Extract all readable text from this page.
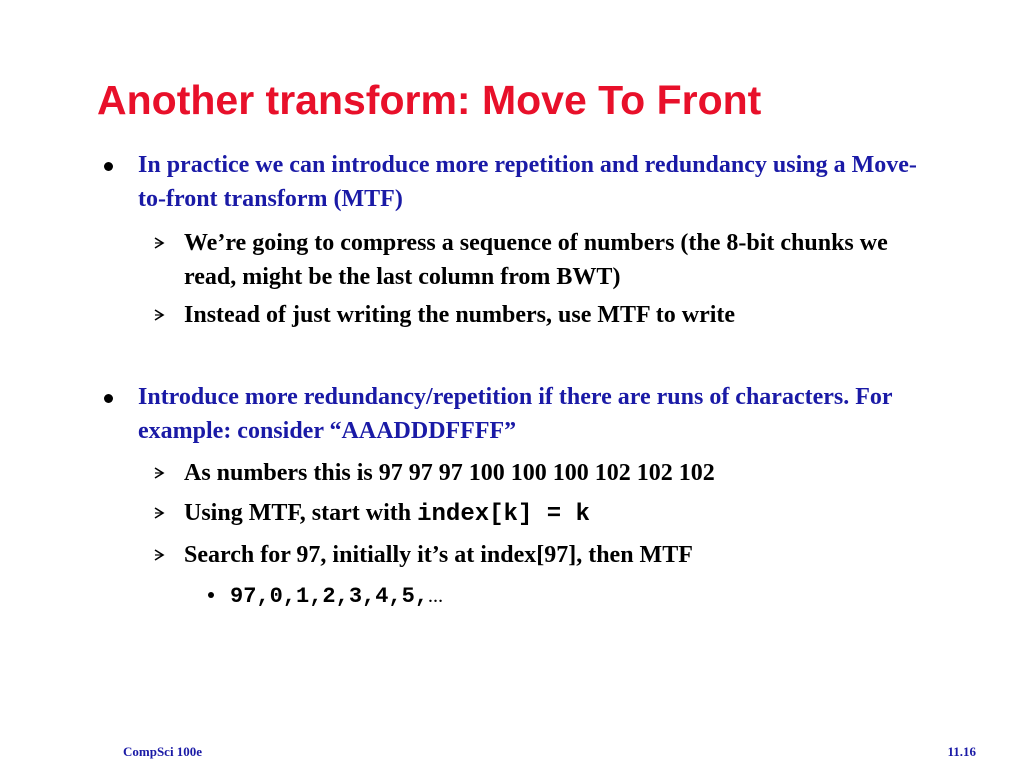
Another transform: Move To Front
In practice we can introduce more repetition and redundancy using a Move-to-front transform (MTF)
We’re going to compress a sequence of numbers (the 8-bit chunks we read, might be the last column from BWT)
Instead of just writing the numbers, use MTF to write
Introduce more redundancy/repetition if there are runs of characters. For example: consider “AAADDDFFFF”
As numbers this is 97 97 97 100 100 100 102 102 102
Using MTF, start with index[k] = k
Search for 97, initially it’s at index[97], then MTF
97,0,1,2,3,4,5,…
CompSci 100e	11.16
